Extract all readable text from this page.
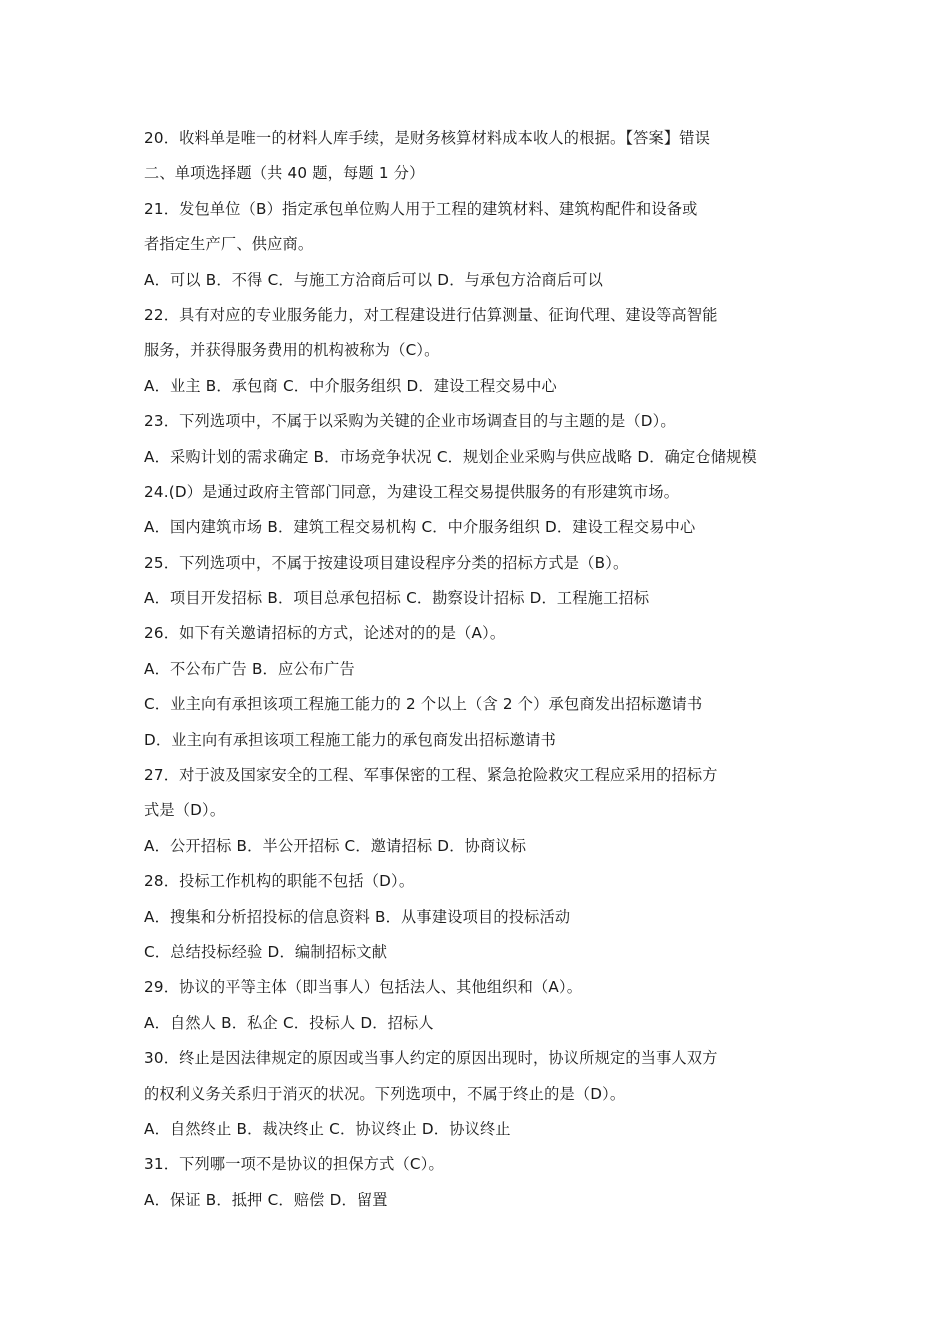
20．收料单是唯一的材料人库手续，是财务核算材料成本收人的根据。【答案】错误
二、单项选择题（共 40 题，每题 1 分）
21．发包单位（B）指定承包单位购人用于工程的建筑材料、建筑构配件和设备或
者指定生产厂、供应商。
A．可以 B．不得 C．与施工方洽商后可以 D．与承包方洽商后可以
22．具有对应的专业服务能力，对工程建设进行估算测量、征询代理、建设等高智能
服务，并获得服务费用的机构被称为（C）。
A．业主 B．承包商 C．中介服务组织 D．建设工程交易中心
23．下列选项中，不属于以采购为关键的企业市场调查目的与主题的是（D）。
A．采购计划的需求确定 B．市场竞争状况 C．规划企业采购与供应战略 D．确定仓储规模
24.(D）是通过政府主管部门同意，为建设工程交易提供服务的有形建筑市场。
A．国内建筑市场 B．建筑工程交易机构 C．中介服务组织 D．建设工程交易中心
25．下列选项中，不属于按建设项目建设程序分类的招标方式是（B）。
A．项目开发招标 B．项目总承包招标 C．勘察设计招标 D．工程施工招标
26．如下有关邀请招标的方式，论述对的的是（A）。
A．不公布广告 B．应公布广告
C．业主向有承担该项工程施工能力的 2 个以上（含 2 个）承包商发出招标邀请书
D．业主向有承担该项工程施工能力的承包商发出招标邀请书
27．对于波及国家安全的工程、军事保密的工程、紧急抢险救灾工程应采用的招标方
式是（D）。
A．公开招标 B．半公开招标 C．邀请招标 D．协商议标
28．投标工作机构的职能不包括（D）。
A．搜集和分析招投标的信息资料 B．从事建设项目的投标活动
C．总结投标经验 D．编制招标文献
29．协议的平等主体（即当事人）包括法人、其他组织和（A）。
A．自然人 B．私企 C．投标人 D．招标人
30．终止是因法律规定的原因或当事人约定的原因出现时，协议所规定的当事人双方
的权利义务关系归于消灭的状况。下列选项中，不属于终止的是（D）。
A．自然终止 B．裁决终止 C．协议终止 D．协议终止
31．下列哪一项不是协议的担保方式（C）。
A．保证 B．抵押 C．赔偿 D．留置
